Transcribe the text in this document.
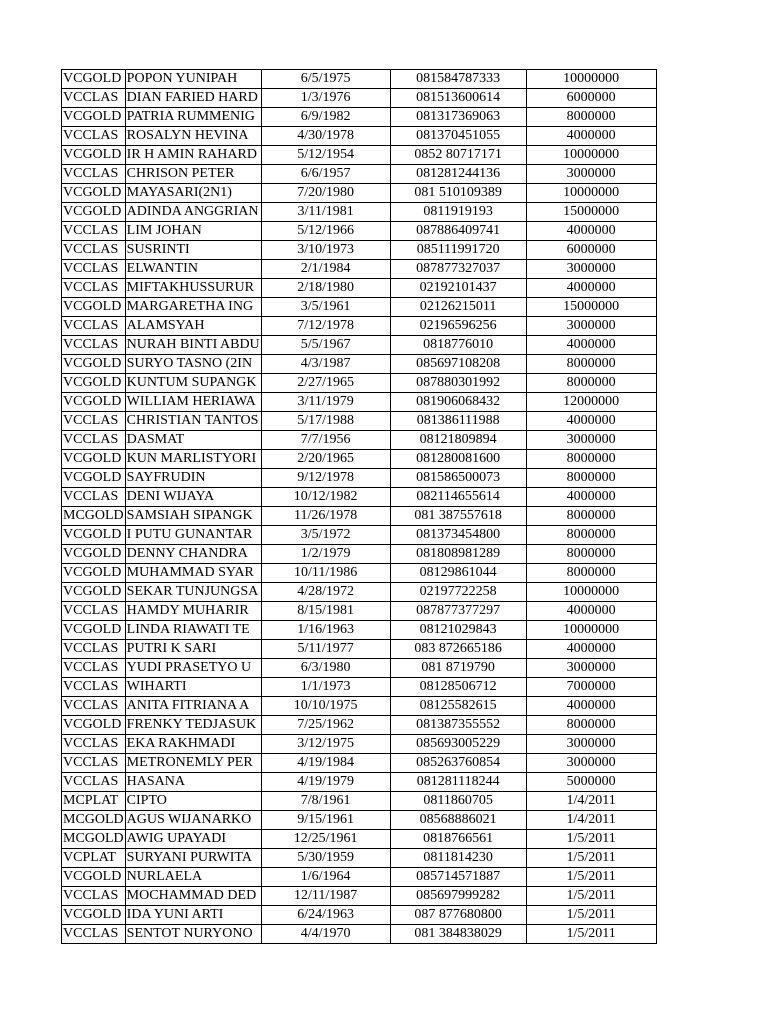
VCGOLD	POPON YUNIPAH	6/5/1975	081584787333	10000000
VCCLAS	DIAN FARIED HARD	1/3/1976	081513600614	6000000
VCGOLD	PATRIA RUMMENIG	6/9/1982	081317369063	8000000
VCCLAS	ROSALYN HEVINA	4/30/1978	081370451055	4000000
VCGOLD	IR H AMIN RAHARD	5/12/1954	0852 80717171	10000000
VCCLAS	CHRISON PETER	6/6/1957	081281244136	3000000
VCGOLD	MAYASARI(2N1)	7/20/1980	081 510109389	10000000
VCGOLD	ADINDA ANGGRIAN	3/11/1981	0811919193	15000000
VCCLAS	LIM JOHAN	5/12/1966	087886409741	4000000
VCCLAS	SUSRINTI	3/10/1973	085111991720	6000000
VCCLAS	ELWANTIN	2/1/1984	087877327037	3000000
VCCLAS	MIFTAKHUSSURUR	2/18/1980	02192101437	4000000
VCGOLD	MARGARETHA ING	3/5/1961	02126215011	15000000
VCCLAS	ALAMSYAH	7/12/1978	02196596256	3000000
VCCLAS	NURAH BINTI ABDU	5/5/1967	0818776010	4000000
VCGOLD	SURYO TASNO (2IN	4/3/1987	085697108208	8000000
VCGOLD	KUNTUM SUPANGK	2/27/1965	087880301992	8000000
VCGOLD	WILLIAM HERIAWA	3/11/1979	081906068432	12000000
VCCLAS	CHRISTIAN TANTOS	5/17/1988	081386111988	4000000
VCCLAS	DASMAT	7/7/1956	08121809894	3000000
VCGOLD	KUN MARLISTYORI	2/20/1965	081280081600	8000000
VCGOLD	SAYFRUDIN	9/12/1978	081586500073	8000000
VCCLAS	DENI WIJAYA	10/12/1982	082114655614	4000000
MCGOLD	SAMSIAH SIPANGK	11/26/1978	081 387557618	8000000
VCGOLD	I PUTU GUNANTAR	3/5/1972	081373454800	8000000
VCGOLD	DENNY CHANDRA	1/2/1979	081808981289	8000000
VCGOLD	MUHAMMAD SYAR	10/11/1986	08129861044	8000000
VCGOLD	SEKAR TUNJUNGSA	4/28/1972	02197722258	10000000
VCCLAS	HAMDY MUHARIR	8/15/1981	087877377297	4000000
VCGOLD	LINDA RIAWATI TE	1/16/1963	08121029843	10000000
VCCLAS	PUTRI K SARI	5/11/1977	083 872665186	4000000
VCCLAS	YUDI PRASETYO U	6/3/1980	081 8719790	3000000
VCCLAS	WIHARTI	1/1/1973	08128506712	7000000
VCCLAS	ANITA FITRIANA A	10/10/1975	08125582615	4000000
VCGOLD	FRENKY TEDJASUK	7/25/1962	081387355552	8000000
VCCLAS	EKA RAKHMADI	3/12/1975	085693005229	3000000
VCCLAS	METRONEMLY PER	4/19/1984	085263760854	3000000
VCCLAS	HASANA	4/19/1979	081281118244	5000000
MCPLAT	CIPTO	7/8/1961	0811860705	1/4/2011
MCGOLD	AGUS WIJANARKO	9/15/1961	08568886021	1/4/2011
MCGOLD	AWIG UPAYADI	12/25/1961	0818766561	1/5/2011
VCPLAT	SURYANI PURWITA	5/30/1959	0811814230	1/5/2011
VCGOLD	NURLAELA	1/6/1964	085714571887	1/5/2011
VCCLAS	MOCHAMMAD DED	12/11/1987	085697999282	1/5/2011
VCGOLD	IDA YUNI ARTI	6/24/1963	087 877680800	1/5/2011
VCCLAS	SENTOT NURYONO	4/4/1970	081 384838029	1/5/2011
